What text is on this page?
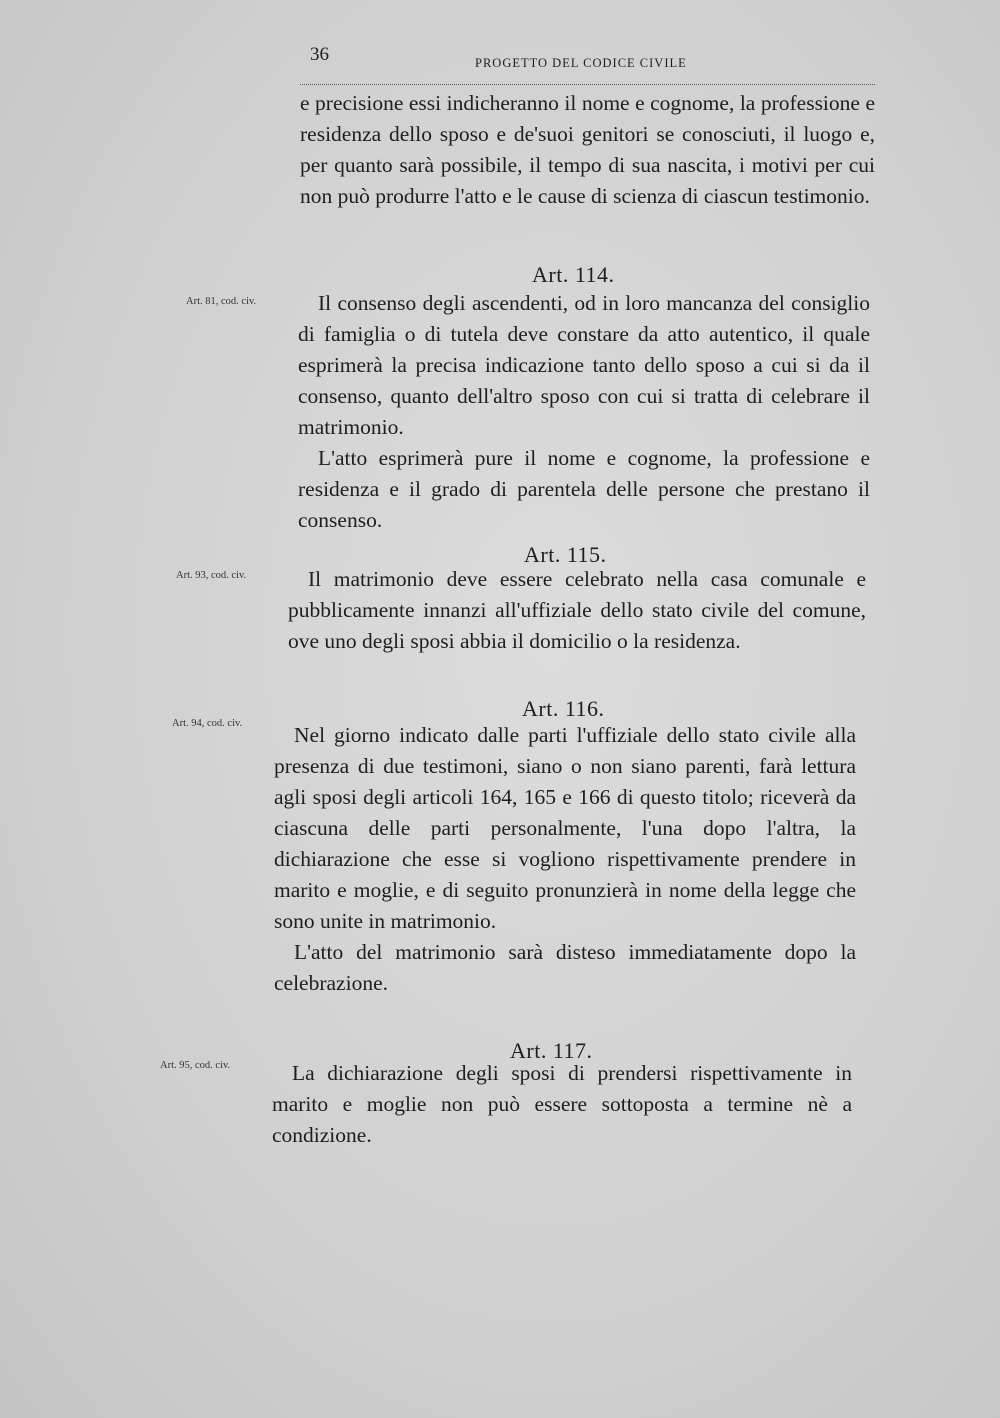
36	PROGETTO DEL CODICE CIVILE

e precisione essi indicheranno il nome e cognome, la professione e residenza dello sposo e de'suoi genitori se conosciuti, il luogo e, per quanto sarà possibile, il tempo di sua nascita, i motivi per cui non può produrre l'atto e le cause di scienza di ciascun testimonio.

Art. 114.
Art. 81, cod. civ.	Il consenso degli ascendenti, od in loro mancanza del consiglio di famiglia o di tutela deve constare da atto autentico, il quale esprimerà la precisa indicazione tanto dello sposo a cui si da il consenso, quanto dell'altro sposo con cui si tratta di celebrare il matrimonio.

L'atto esprimerà pure il nome e cognome, la professione e residenza e il grado di parentela delle persone che prestano il consenso.

Art. 115.
Art. 93, cod. civ.	Il matrimonio deve essere celebrato nella casa comunale e pubblicamente innanzi all'uffiziale dello stato civile del comune, ove uno degli sposi abbia il domicilio o la residenza.

Art. 116.
Art. 94, cod. civ.	Nel giorno indicato dalle parti l'uffiziale dello stato civile alla presenza di due testimoni, siano o non siano parenti, farà lettura agli sposi degli articoli 164, 165 e 166 di questo titolo; riceverà da ciascuna delle parti personalmente, l'una dopo l'altra, la dichiarazione che esse si vogliono rispettivamente prendere in marito e moglie, e di seguito pronunzierà in nome della legge che sono unite in matrimonio.

L'atto del matrimonio sarà disteso immediatamente dopo la celebrazione.

Art. 117.
Art. 95, cod. civ.	La dichiarazione degli sposi di prendersi rispettivamente in marito e moglie non può essere sottoposta a termine nè a condizione.
